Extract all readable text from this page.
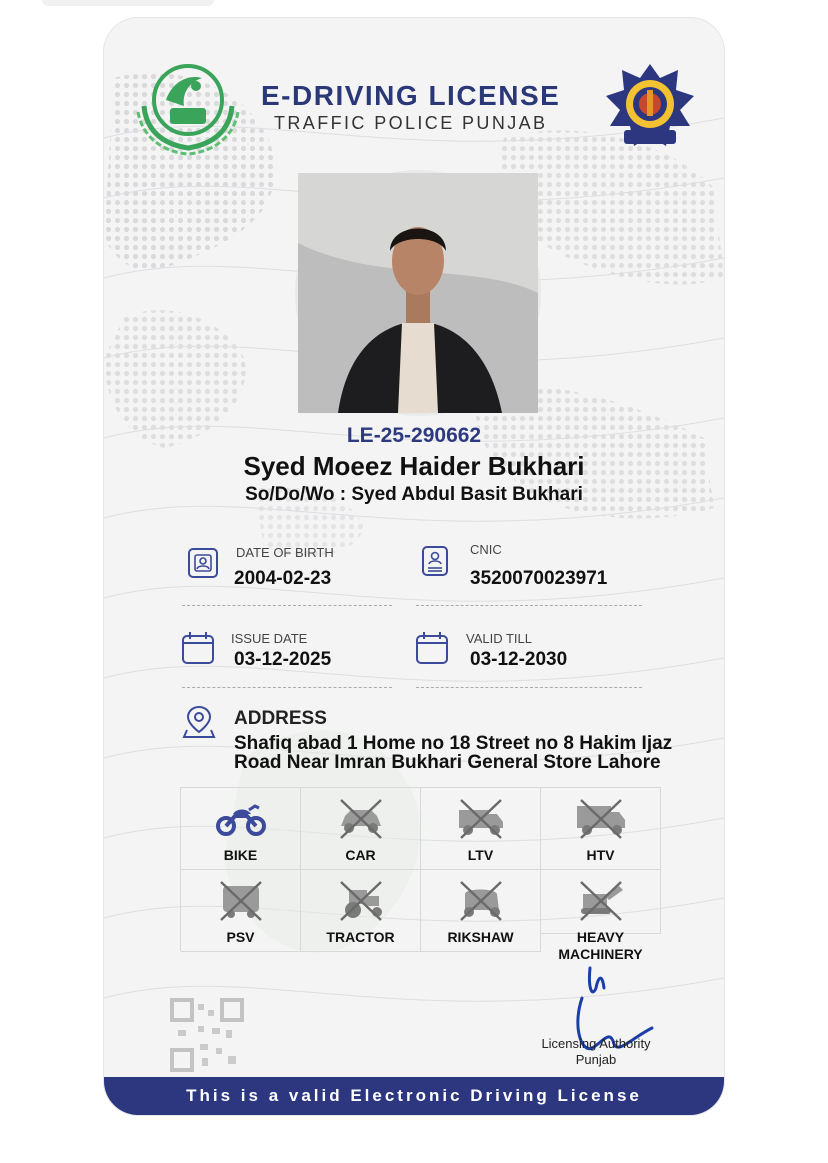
E-DRIVING LICENSE
TRAFFIC POLICE PUNJAB
LE-25-290662
Syed Moeez Haider Bukhari
So/Do/Wo : Syed Abdul Basit Bukhari
DATE OF BIRTH
2004-02-23
CNIC
3520070023971
ISSUE DATE
03-12-2025
VALID TILL
03-12-2030
ADDRESS
Shafiq abad 1 Home no 18 Street no 8 Hakim Ijaz Road Near Imran Bukhari General Store Lahore
BIKE	CAR	LTV	HTV
PSV	TRACTOR	RIKSHAW	HEAVY MACHINERY
Licensing Authority
Punjab
This is a valid Electronic Driving License
